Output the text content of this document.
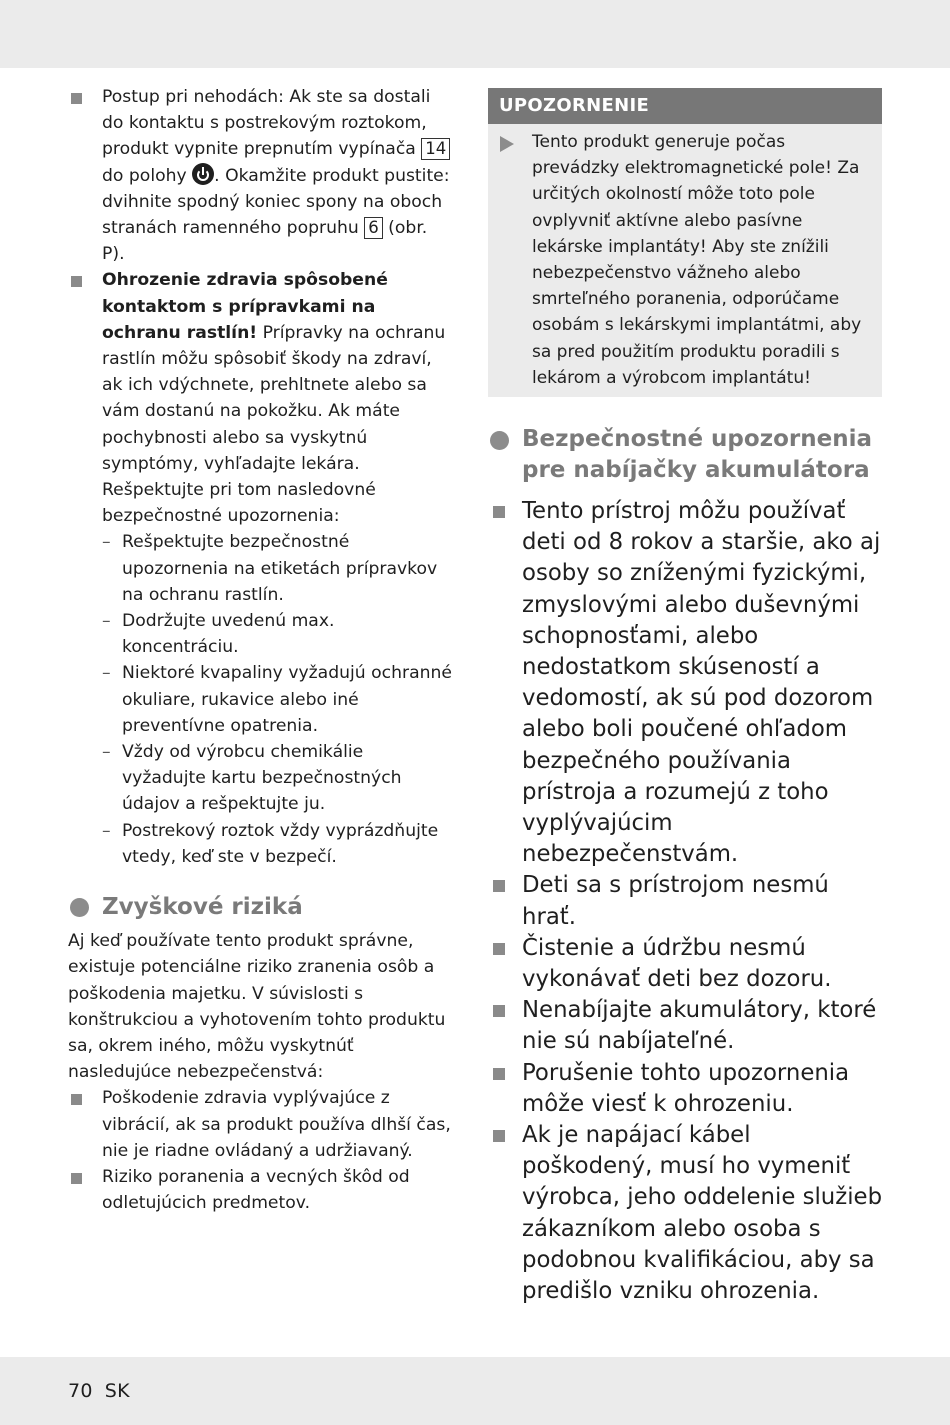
Postup pri nehodách: Ak ste sa dostali do kontaktu s postrekovým roztokom, produkt vypnite prepnutím vypínača 14 do polohy . Okamžite produkt pustite: dvihnite spodný koniec spony na oboch stranách ramenného popruhu 6 (obr. P).
Ohrozenie zdravia spôsobené kontaktom s prípravkami na ochranu rastlín! Prípravky na ochranu rastlín môžu spôsobiť škody na zdraví, ak ich vdýchnete, prehltnete alebo sa vám dostanú na pokožku. Ak máte pochybnosti alebo sa vyskytnú symptómy, vyhľadajte lekára. Rešpektujte pri tom nasledovné bezpečnostné upozornenia:
– Rešpektujte bezpečnostné upozornenia na etiketách prípravkov na ochranu rastlín.
– Dodržujte uvedenú max. koncentráciu.
– Niektoré kvapaliny vyžadujú ochranné okuliare, rukavice alebo iné preventívne opatrenia.
– Vždy od výrobcu chemikálie vyžadujte kartu bezpečnostných údajov a rešpektujte ju.
– Postrekový roztok vždy vyprázdňujte vtedy, keď ste v bezpečí.
Zvyškové riziká

Aj keď používate tento produkt správne, existuje potenciálne riziko zranenia osôb a poškodenia majetku. V súvislosti s konštrukciou a vyhotovením tohto produktu sa, okrem iného, môžu vyskytnúť nasledujúce nebezpečenstvá:

Poškodenie zdravia vyplývajúce z vibrácií, ak sa produkt používa dlhší čas, nie je riadne ovládaný a udržiavaný.
Riziko poranenia a vecných škôd od odletujúcich predmetov.
UPOZORNENIE
Tento produkt generuje počas prevádzky elektromagnetické pole! Za určitých okolností môže toto pole ovplyvniť aktívne alebo pasívne lekárske implantáty! Aby ste znížili nebezpečenstvo vážneho alebo smrteľného poranenia, odporúčame osobám s lekárskymi implantátmi, aby sa pred použitím produktu poradili s lekárom a výrobcom implantátu!
Bezpečnostné upozornenia pre nabíjačky akumulátora
Tento prístroj môžu používať deti od 8 rokov a staršie, ako aj osoby so zníženými fyzickými, zmyslovými alebo duševnými schopnosťami, alebo nedostatkom skúseností a vedomostí, ak sú pod dozorom alebo boli poučené ohľadom bezpečného používania prístroja a rozumejú z toho vyplývajúcim nebezpečenstvám.
Deti sa s prístrojom nesmú hrať.
Čistenie a údržbu nesmú vykonávať deti bez dozoru.
Nenabíjajte akumulátory, ktoré nie sú nabíjateľné.
Porušenie tohto upozornenia môže viesť k ohrozeniu.
Ak je napájací kábel poškodený, musí ho vymeniť výrobca, jeho oddelenie služieb zákazníkom alebo osoba s podobnou kvalifikáciou, aby sa predišlo vzniku ohrozenia.
70 SK
